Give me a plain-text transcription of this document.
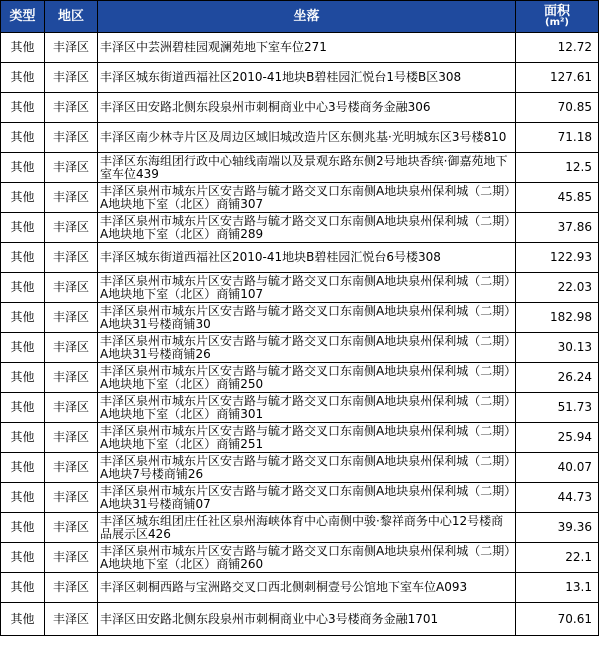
类型	地区	坐落	面积
(m²)

其他	丰泽区	丰泽区中芸洲碧桂园观澜苑地下室车位271	12.72
其他	丰泽区	丰泽区城东街道西福社区2010-41地块B碧桂园汇悦台1号楼B区308	127.61
其他	丰泽区	丰泽区田安路北侧东段泉州市刺桐商业中心3号楼商务金融306	70.85
其他	丰泽区	丰泽区南少林寺片区及周边区域旧城改造片区东侧兆基·光明城东区3号楼810	71.18
其他	丰泽区	丰泽区东海组团行政中心轴线南端以及景观东路东侧2号地块香缤·御嘉苑地下室车位439	12.5
其他	丰泽区	丰泽区泉州市城东片区安吉路与毓才路交叉口东南侧A地块泉州保利城（二期）A地块地下室（北区）商铺307	45.85
其他	丰泽区	丰泽区泉州市城东片区安吉路与毓才路交叉口东南侧A地块泉州保利城（二期）A地块地下室（北区）商铺289	37.86
其他	丰泽区	丰泽区城东街道西福社区2010-41地块B碧桂园汇悦台6号楼308	122.93
其他	丰泽区	丰泽区泉州市城东片区安吉路与毓才路交叉口东南侧A地块泉州保利城（二期）A地块地下室（北区）商铺107	22.03
其他	丰泽区	丰泽区泉州市城东片区安吉路与毓才路交叉口东南侧A地块泉州保利城（二期）A地块31号楼商铺30	182.98
其他	丰泽区	丰泽区泉州市城东片区安吉路与毓才路交叉口东南侧A地块泉州保利城（二期）A地块31号楼商铺26	30.13
其他	丰泽区	丰泽区泉州市城东片区安吉路与毓才路交叉口东南侧A地块泉州保利城（二期）A地块地下室（北区）商铺250	26.24
其他	丰泽区	丰泽区泉州市城东片区安吉路与毓才路交叉口东南侧A地块泉州保利城（二期）A地块地下室（北区）商铺301	51.73
其他	丰泽区	丰泽区泉州市城东片区安吉路与毓才路交叉口东南侧A地块泉州保利城（二期）A地块地下室（北区）商铺251	25.94
其他	丰泽区	丰泽区泉州市城东片区安吉路与毓才路交叉口东南侧A地块泉州保利城（二期）A地块7号楼商铺26	40.07
其他	丰泽区	丰泽区泉州市城东片区安吉路与毓才路交叉口东南侧A地块泉州保利城（二期）A地块31号楼商铺07	44.73
其他	丰泽区	丰泽区城东组团庄任社区泉州海峡体育中心南侧中骏·黎祥商务中心12号楼商品展示区426	39.36
其他	丰泽区	丰泽区泉州市城东片区安吉路与毓才路交叉口东南侧A地块泉州保利城（二期）A地块地下室（北区）商铺260	22.1
其他	丰泽区	丰泽区刺桐西路与宝洲路交叉口西北侧刺桐壹号公馆地下室车位A093	13.1
其他	丰泽区	丰泽区田安路北侧东段泉州市刺桐商业中心3号楼商务金融1701	70.61
